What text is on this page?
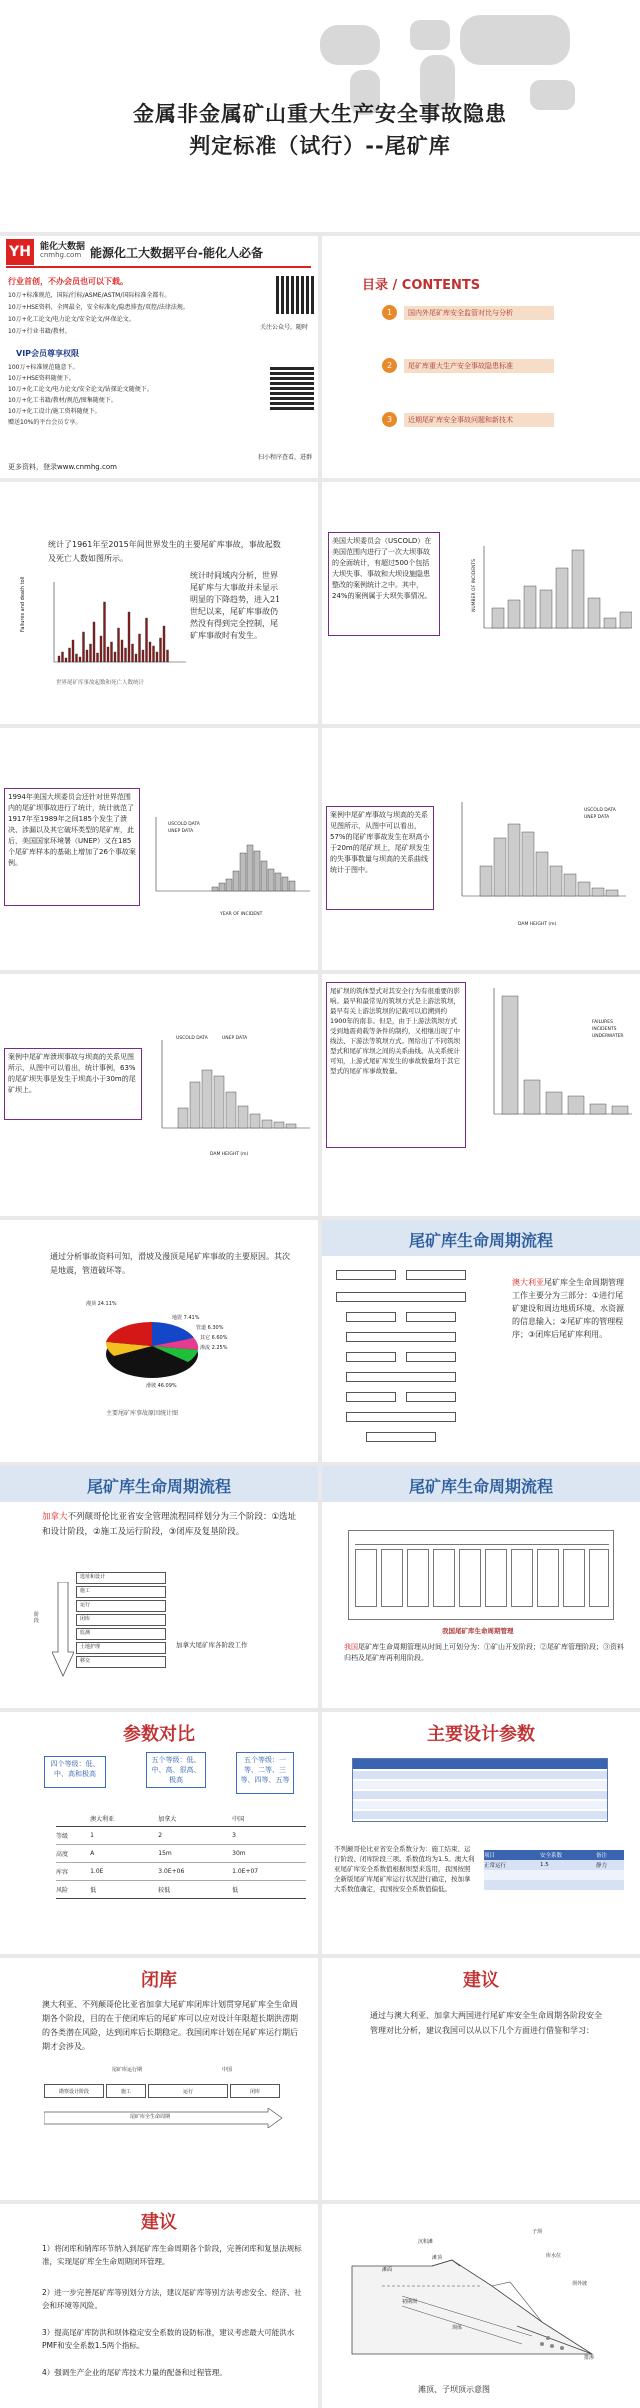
金属非金属矿山重大生产安全事故隐患
判定标准（试行）--尾矿库
YH	能化大数据
cnmhg.com 能源化工大数据平台-能化人必备
行业首创，不办会员也可以下载。
10万+标准规范，国际/行标/ASME/ASTM/国际标准全都有。
10万+HSE资料，全网最全，安全标准化/隐患排查/双控/法律法规。
10万+化工论文/电力论文/安全论文/环保论文。
10万+行业书籍/教材。
VIP会员尊享权限
100万+标准规范随意下。
10万+HSE资料随便下。
10万+化工论文/电力论文/安全论文/钻探论文随便下。
10万+化工书籍/教材/规范/图集随便下。
10万+化工设计/施工资料随便下。
赠送10%的平台会员专享。
更多资料，登录www.cnmhg.com
关注公众号，随时
扫小程序查看，进群
目录 / CONTENTS
1	国内外尾矿库安全监管对比与分析
2	尾矿库重大生产安全事故隐患标准
3	近期尾矿库安全事故问题和新技术
统计了1961年至2015年间世界发生的主要尾矿库事故，事故起数及死亡人数如图所示。
Failures and death toll
统计时间域内分析，世界尾矿库与大事故并未显示明显的下降趋势，进入21世纪以来，尾矿库事故仍然没有得到完全控制，尾矿库事故时有发生。
世界尾矿库事故起数和死亡人数统计
美国大坝委员会（USCOLD）在美国范围内进行了一次大坝事故的全面统计，有超过500个包括大坝失事、事故和大坝设施隐患整改的案例统计之中。其中，24%的案例属于大坝失事情况。	NUMBER OF INCIDENTS
1994年美国大坝委员会还针对世界范围内的尾矿坝事故进行了统计，统计就范了1917年至1989年之间185个发生了溃决、涉漏以及其它破坏类型的尾矿库，此后，美国国家环境署（UNEP）又在185个尾矿库样本的基础上增加了26个事故案例。
USCOLD DATA
UNEP DATA
YEAR OF INCIDENT
案例中尾矿库事故与坝高的关系见图所示，从图中可以看出，57%的尾矿库事故发生在坝高小于20m的尾矿坝上，尾矿坝发生的失事事数量与坝高的关系曲线统计于图中。
USCOLD DATA
UNEP DATA
DAM HEIGHT (m)
案例中尾矿库溃坝事故与坝高的关系见图所示，从图中可以看出，统计事例，63%的尾矿坝失事是发生于坝高小于30m的尾矿坝上。
USCOLD DATA	UNEP DATA
DAM HEIGHT (m)
尾矿坝的筑体型式对其安全行为有很重要的影响。最早和最常见的筑坝方式是上游法筑坝，最早有关上游法筑坝的记载可以追溯到约1900年的南非。但是，由于上游法筑坝方式受到地震荷载等条件的制约，又相继出现了中线法、下游法等筑坝方式。图给出了不同筑坝型式和尾矿库坝之间的关系曲线。从关系统计可知，上游式尾矿库发生的事故数量均于其它型式的尾矿库事故数量。
FAILURES
INCIDENTS
UNDERWATER
通过分析事故资料可知，滑坡及漫顶是尾矿库事故的主要原因。其次是地震，管道破坏等。
漫顶 24.11%
地震 7.41%
管道 6.30%
其它 6.60%
渗流 2.25%
滑坡 46.09%
主要尾矿库事故原因统计图
尾矿库生命周期流程
澳大利亚尾矿库全生命周期管理工作主要分为三部分：①进行尾矿建设和周边地质环境、水资源的信息输入；②尾矿库的管理程序；③闭库后尾矿库利用。
尾矿库生命周期流程
加拿大不列颠哥伦比亚省安全管理流程同样划分为三个阶段：①选址和设计阶段，②施工及运行阶段，③闭库及复垦阶段。
选址和设计
施工
运行
闭库
监测
土地护理
移交
阶段
加拿大尾矿库各阶段工作
尾矿库生命周期流程
我国尾矿库生命周期管理
我国尾矿库生命周期管理从时间上可划分为：①矿山开发阶段；②尾矿库管理阶段；③资料归档及尾矿库再利用阶段。
参数对比
四个等级：低、中、高和极高
五个等级：低、中、高、很高、极高
五个等级：一等、二等、三等、四等、五等
	澳大利亚	加拿大	中国
等级	1	2	3
高度	A	15m	30m
库容	1.0E	3.0E+06	1.0E+07
风险	低	较低	低
主要设计参数
不列颠哥伦比亚省安全系数分为：施工结束、运行阶段、闭库阶段三项。系数值均为1.5。澳大利亚尾矿库安全系数值根据坝型来选用，我国按照全新版尾矿库尾矿库运行状况进行确定，按加拿大系数值确定，我国按安全系数值偏低。
项目	安全系数	备注
正常运行	1.5	静力

闭库
澳大利亚、不列颠哥伦比亚省加拿大尾矿库闭库计划贯穿尾矿库全生命周期各个阶段，目的在于使闭库后的尾矿库可以应对设计年限超长期洪涝期的各类潜在风险，达到闭库后长期稳定。我国闭库计划在尾矿库运行期后期才会涉及。
尾矿库运行期	中国
勘察设计阶段	施工	运行	闭库
尾矿库全生命周期
建议
通过与澳大利亚、加拿大两国进行尾矿库安全生命周期各阶段安全管理对比分析，建议我国可以从以下几个方面进行借鉴和学习：
建议
1）将闭库和销库环节纳入到尾矿库生命周期各个阶段，完善闭库和复垦法规标准，实现尾矿库全生命周期闭环管理。
2）进一步完善尾矿库等别划分方法，建议尾矿库等别方法考虑安全、经济、社会和环境等风险。
3）提高尾矿库防洪和坝体稳定安全系数的设防标准，建议考虑最大可能洪水PMF和安全系数1.5两个指标。
4）强调生产企业的尾矿库技术力量的配备和过程管理。
子坝
沉积滩
滩顶	库水位
坝外坡
初期坝
排渗
坝体
滩面
滩顶、子坝顶示意图
